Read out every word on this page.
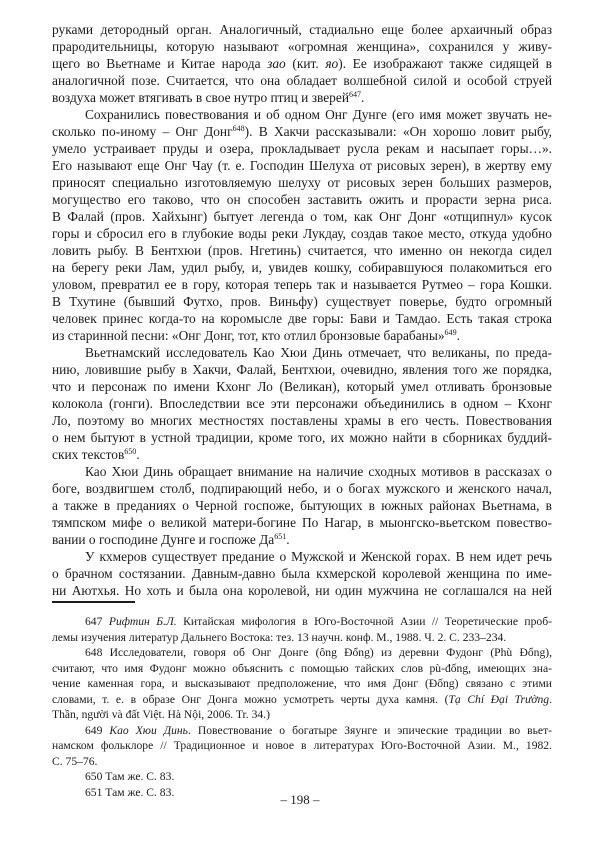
руками детородный орган. Аналогичный, стадиально еще более архаичный образ
прародительницы, которую называют «огромная женщина», сохранился у живу-
щего во Вьетнаме и Китае народа зао (кит. яо). Ее изображают также сидящей в
аналогичной позе. Считается, что она обладает волшебной силой и особой струей
воздуха может втягивать в свое нутро птиц и зверей$^{647}$.
Сохранились повествования и об одном Онг Дунге (его имя может звучать не-
сколько по-иному – Онг Донг$^{648}$). В Хакчи рассказывали: «Он хорошо ловит рыбу,
умело устраивает пруды и озера, прокладывает русла рекам и насыпает горы…».
Его называют еще Онг Чау (т. е. Господин Шелуха от рисовых зерен), в жертву ему
приносят специально изготовляемую шелуху от рисовых зерен больших размеров,
могущество его таково, что он способен заставить ожить и прорасти зерна риса.
В Фалай (пров. Хайхынг) бытует легенда о том, как Онг Донг «отщипнул» кусок
горы и сбросил его в глубокие воды реки Лукдау, создав такое место, откуда удобно
ловить рыбу. В Бентхюи (пров. Нгетинь) считается, что именно он некогда сидел
на берегу реки Лам, удил рыбу, и, увидев кошку, собиравшуюся полакомиться его
уловом, превратил ее в гору, которая теперь так и называется Рутмео – гора Кошки.
В Тхутине (бывший Футхо, пров. Виньфу) существует поверье, будто огромный
человек принес когда-то на коромысле две горы: Бави и Тамдао. Есть такая строка
из старинной песни: «Онг Донг, тот, кто отлил бронзовые барабаны»$^{649}$.
Вьетнамский исследователь Као Хюи Динь отмечает, что великаны, по преда-
нию, ловившие рыбу в Хакчи, Фалай, Бентхюи, очевидно, явления того же порядка,
что и персонаж по имени Кхонг Ло (Великан), который умел отливать бронзовые
колокола (гонги). Впоследствии все эти персонажи объединились в одном – Кхонг
Ло, поэтому во многих местностях поставлены храмы в его честь. Повествования
о нем бытуют в устной традиции, кроме того, их можно найти в сборниках буддий-
ских текстов$^{650}$.
Као Хюи Динь обращает внимание на наличие сходных мотивов в рассказах о
боге, воздвигшем столб, подпирающий небо, и о богах мужского и женского начал,
а также в преданиях о Черной госпоже, бытующих в южных районах Вьетнама, в
тямпском мифе о великой матери-богине По Нагар, в мыонгско-вьетском повество-
вании о господине Дунге и госпоже $Да^{651}$.
У кхмеров существует предание о Мужской и Женской горах. В нем идет речь
о брачном состязании. Давным-давно была кхмерской королевой женщина по име-
ни Аютхья. Но хоть и была она королевой, ни один мужчина не соглашался на ней
647 Рифтин Б.Л. Китайская мифология в Юго-Восточной Азии // Теоретические проб-
лемы изучения литератур Дальнего Востока: тез. 13 научн. конф. М., 1988. Ч. 2. С. 233–234.
648 Исследователи, говоря об Онг Донге (ông Đổng) из деревни Фудонг (Phù Đổng),
считают, что имя Фудонг можно объяснить с помощью тайских слов pù-đống, имеющих зна-
чение каменная гора, и высказывают предположение, что имя Донг (Đống) связано с этими
словами, т. е. в образе Онг Донга можно усмотреть черты духа камня. (Tạ Chí Đại Trường.
Thần, người và đất Việt. Hà Nội, 2006. Tr. 34.)
649 Као Хюи Динь. Повествование о богатыре Зяунге и эпические традиции во вьет-
намском фольклоре // Традиционное и новое в литературах Юго-Восточной Азии. М., 1982.
С. 75–76.
650 Там же. С. 83.
651 Там же. С. 83.	– 198 –
